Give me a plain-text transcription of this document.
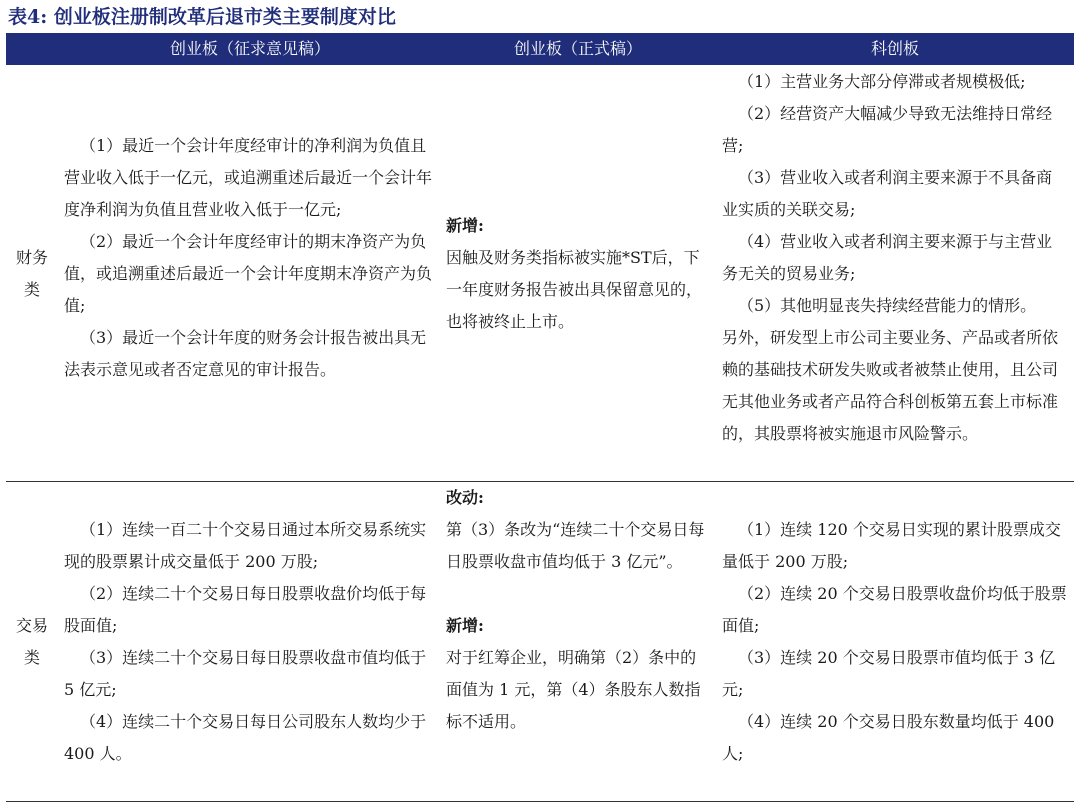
表4: 创业板注册制改革后退市类主要制度对比
创业板（征求意见稿）	创业板（正式稿）	科创板
财务类

（1）最近一个会计年度经审计的净利润为负值且营业收入低于一亿元，或追溯重述后最近一个会计年度净利润为负值且营业收入低于一亿元;

（2）最近一个会计年度经审计的期末净资产为负值，或追溯重述后最近一个会计年度期末净资产为负值;

（3）最近一个会计年度的财务会计报告被出具无法表示意见或者否定意见的审计报告。

新增:

因触及财务类指标被实施*ST后，下一年度财务报告被出具保留意见的，也将被终止上市。

（1）主营业务大部分停滞或者规模极低;

（2）经营资产大幅减少导致无法维持日常经营;

（3）营业收入或者利润主要来源于不具备商业实质的关联交易;

（4）营业收入或者利润主要来源于与主营业务无关的贸易业务;

（5）其他明显丧失持续经营能力的情形。

另外，研发型上市公司主要业务、产品或者所依赖的基础技术研发失败或者被禁止使用，且公司无其他业务或者产品符合科创板第五套上市标准的，其股票将被实施退市风险警示。

交易类

（1）连续一百二十个交易日通过本所交易系统实现的股票累计成交量低于 200 万股;

（2）连续二十个交易日每日股票收盘价均低于每股面值;

（3）连续二十个交易日每日股票收盘市值均低于 5 亿元;

（4）连续二十个交易日每日公司股东人数均少于 400 人。

改动:

第（3）条改为“连续二十个交易日每日股票收盘市值均低于 3 亿元”。

新增:

对于红筹企业，明确第（2）条中的面值为 1 元，第（4）条股东人数指标不适用。

（1）连续 120 个交易日实现的累计股票成交量低于 200 万股;

（2）连续 20 个交易日股票收盘价均低于股票面值;

（3）连续 20 个交易日股票市值均低于 3 亿元;

（4）连续 20 个交易日股东数量均低于 400 人;
